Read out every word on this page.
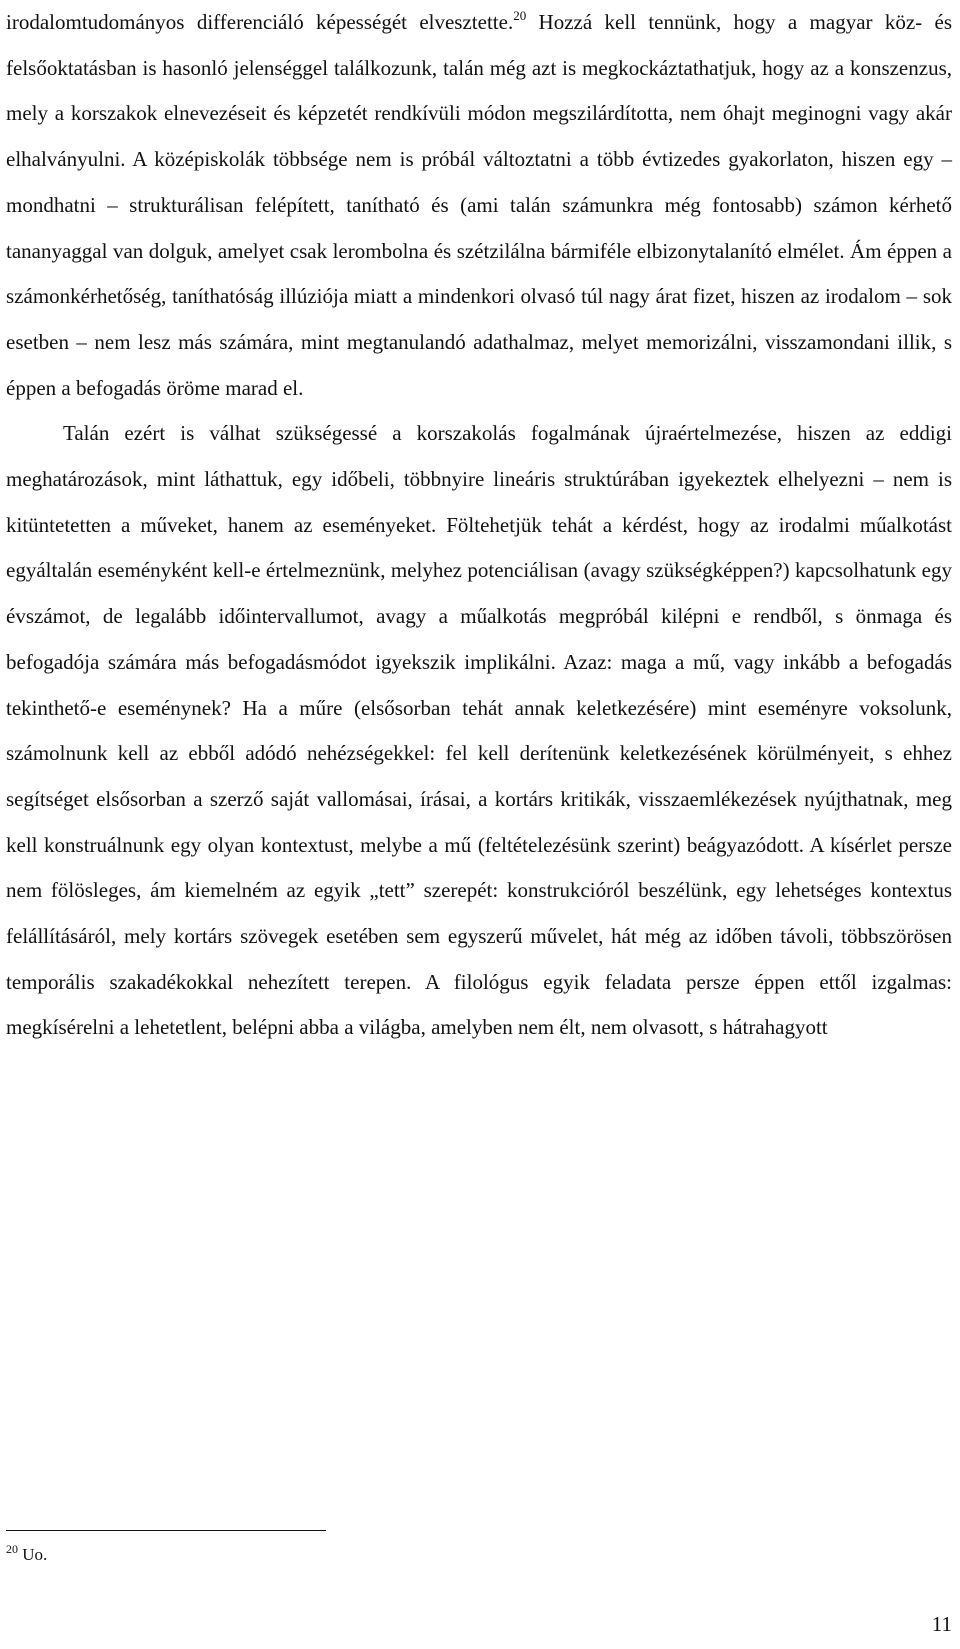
irodalomtudományos differenciáló képességét elvesztette.$^{20}$ Hozzá kell tennünk, hogy a magyar köz- és felsőoktatásban is hasonló jelenséggel találkozunk, talán még azt is megkockáztathatjuk, hogy az a konszenzus, mely a korszakok elnevezéseit és képzetét rendkívüli módon megszilárdította, nem óhajt meginogni vagy akár elhalványulni. A középiskolák többsége nem is próbál változtatni a több évtizedes gyakorlaton, hiszen egy – mondhatni – strukturálisan felépített, tanítható és (ami talán számunkra még fontosabb) számon kérhető tananyaggal van dolguk, amelyet csak lerombolna és szétzilálna bármiféle elbizonytalanító elmélet. Ám éppen a számonkérhetőség, taníthatóság illúziója miatt a mindenkori olvasó túl nagy árat fizet, hiszen az irodalom – sok esetben – nem lesz más számára, mint megtanulandó adathalmaz, melyet memorizálni, visszamondani illik, s éppen a befogadás öröme marad el.

Talán ezért is válhat szükségessé a korszakolás fogalmának újraértelmezése, hiszen az eddigi meghatározások, mint láthattuk, egy időbeli, többnyire lineáris struktúrában igyekeztek elhelyezni – nem is kitüntetetten a műveket, hanem az eseményeket. Föltehetjük tehát a kérdést, hogy az irodalmi műalkotást egyáltalán eseményként kell-e értelmeznünk, melyhez potenciálisan (avagy szükségképpen?) kapcsolhatunk egy évszámot, de legalább időintervallumot, avagy a műalkotás megpróbál kilépni e rendből, s önmaga és befogadója számára más befogadásmódot igyekszik implikálni. Azaz: maga a mű, vagy inkább a befogadás tekinthető-e eseménynek? Ha a műre (elsősorban tehát annak keletkezésére) mint eseményre voksolunk, számolnunk kell az ebből adódó nehézségekkel: fel kell derítenünk keletkezésének körülményeit, s ehhez segítséget elsősorban a szerző saját vallomásai, írásai, a kortárs kritikák, visszaemlékezések nyújthatnak, meg kell konstruálnunk egy olyan kontextust, melybe a mű (feltételezésünk szerint) beágyazódott. A kísérlet persze nem fölösleges, ám kiemelném az egyik „tett” szerepét: konstrukcióról beszélünk, egy lehetséges kontextus felállításáról, mely kortárs szövegek esetében sem egyszerű művelet, hát még az időben távoli, többszörösen temporális szakadékokkal nehezített terepen. A filológus egyik feladata persze éppen ettől izgalmas: megkísérelni a lehetetlent, belépni abba a világba, amelyben nem élt, nem olvasott, s hátrahagyott

$^{20}$ Uo.
11
